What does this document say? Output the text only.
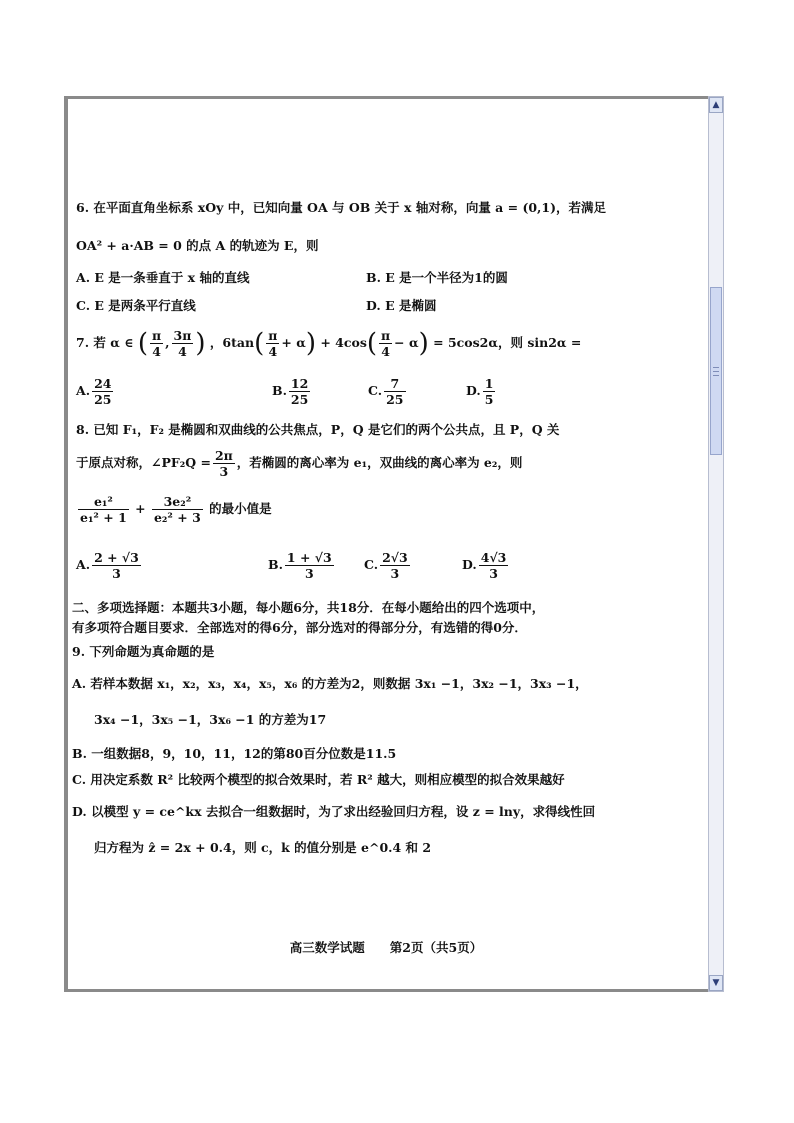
6. 在平面直角坐标系 xOy 中，已知向量 OA 与 OB 关于 x 轴对称，向量 a = (0,1)，若满足
OA² + a·AB = 0 的点 A 的轨迹为 E，则
A. E 是一条垂直于 x 轴的直线	B. E 是一个半径为1的圆
C. E 是两条平行直线	D. E 是椭圆
7. 若 α ∈ ( $\frac{\pi}{4}$ , $\frac{3\pi}{4}$ ) ，$6\tan( \frac{\pi}{4} + \alpha) + 4\cos( \frac{\pi}{4} - \alpha) = 5\cos 2\alpha$，则 sin2α =
A. $\frac{24}{25}$	B. $\frac{12}{25}$	C. $\frac{7}{25}$	D. $\frac{1}{5}$
8. 已知 F₁，F₂ 是椭圆和双曲线的公共焦点，P，Q 是它们的两个公共点，且 P，Q 关
于原点对称，∠PF₂Q = $\frac{2\pi}{3}$ ，若椭圆的离心率为 e₁，双曲线的离心率为 e₂，则
$\frac{\text{e₁²}}{\text{e₁² + 1}} + \frac{\text{3e₂²}}{\text{e₂² + 3}}$ 的最小值是
A. $\frac{2 + √3}{3}$	B. $\frac{1 + √3}{3} C$. $\frac{2√3}{3}$	D. $\frac{4√3}{3}$
二、多项选择题：本题共3小题，每小题6分，共18分．在每小题给出的四个选项中，
有多项符合题目要求．全部选对的得6分，部分选对的得部分分，有选错的得0分．
9. 下列命题为真命题的是
A. 若样本数据 x₁，x₂，x₃，x₄，x₅，x₆ 的方差为2，则数据 3x₁ −1，3x₂ −1，3x₃ −1，
3x₄ −1，3x₅ −1，3x₆ −1 的方差为17
B. 一组数据8，9，10，11，12的第80百分位数是11.5
C. 用决定系数 R² 比较两个模型的拟合效果时，若 R² 越大，则相应模型的拟合效果越好
D. 以模型 y = ce^kx 去拟合一组数据时，为了求出经验回归方程，设 z = lny，求得线性回
归方程为 ẑ = 2x + 0.4，则 c，k 的值分别是 e^0.4 和 2
高三数学试题　　第2页（共5页）
▲
▼
